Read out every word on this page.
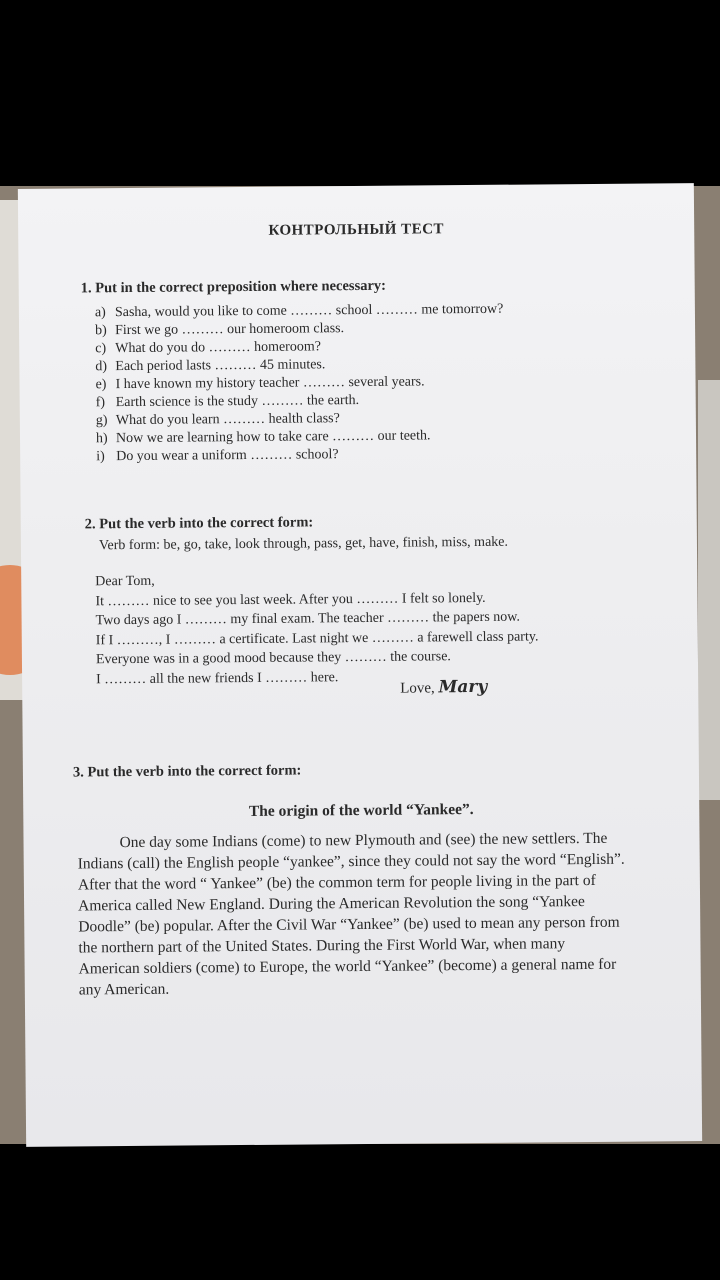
КОНТРОЛЬНЫЙ ТЕСТ
1. Put in the correct preposition where necessary:
a) Sasha, would you like to come ……… school ……… me tomorrow?
b) First we go ……… our homeroom class.
c) What do you do ……… homeroom?
d) Each period lasts ……… 45 minutes.
e) I have known my history teacher ……… several years.
f) Earth science is the study ……… the earth.
g) What do you learn ……… health class?
h) Now we are learning how to take care ……… our teeth.
i) Do you wear a uniform ……… school?
2. Put the verb into the correct form:
Verb form: be, go, take, look through, pass, get, have, finish, miss, make.
Dear Tom,
It ……… nice to see you last week. After you ……… I felt so lonely.
Two days ago I ……… my final exam. The teacher ……… the papers now.
If I ………, I ……… a certificate. Last night we ……… a farewell class party.
Everyone was in a good mood because they ……… the course.
I ……… all the new friends I ……… here.
Love, Mary
3. Put the verb into the correct form:
The origin of the world “Yankee”.
One day some Indians (come) to new Plymouth and (see) the new settlers. The
Indians (call) the English people “yankee”, since they could not say the word “English”.
After that the word “ Yankee” (be) the common term for people living in the part of
America called New England. During the American Revolution the song “Yankee
Doodle” (be) popular. After the Civil War “Yankee” (be) used to mean any person from
the northern part of the United States. During the First World War, when many
American soldiers (come) to Europe, the world “Yankee” (become) a general name for
any American.
